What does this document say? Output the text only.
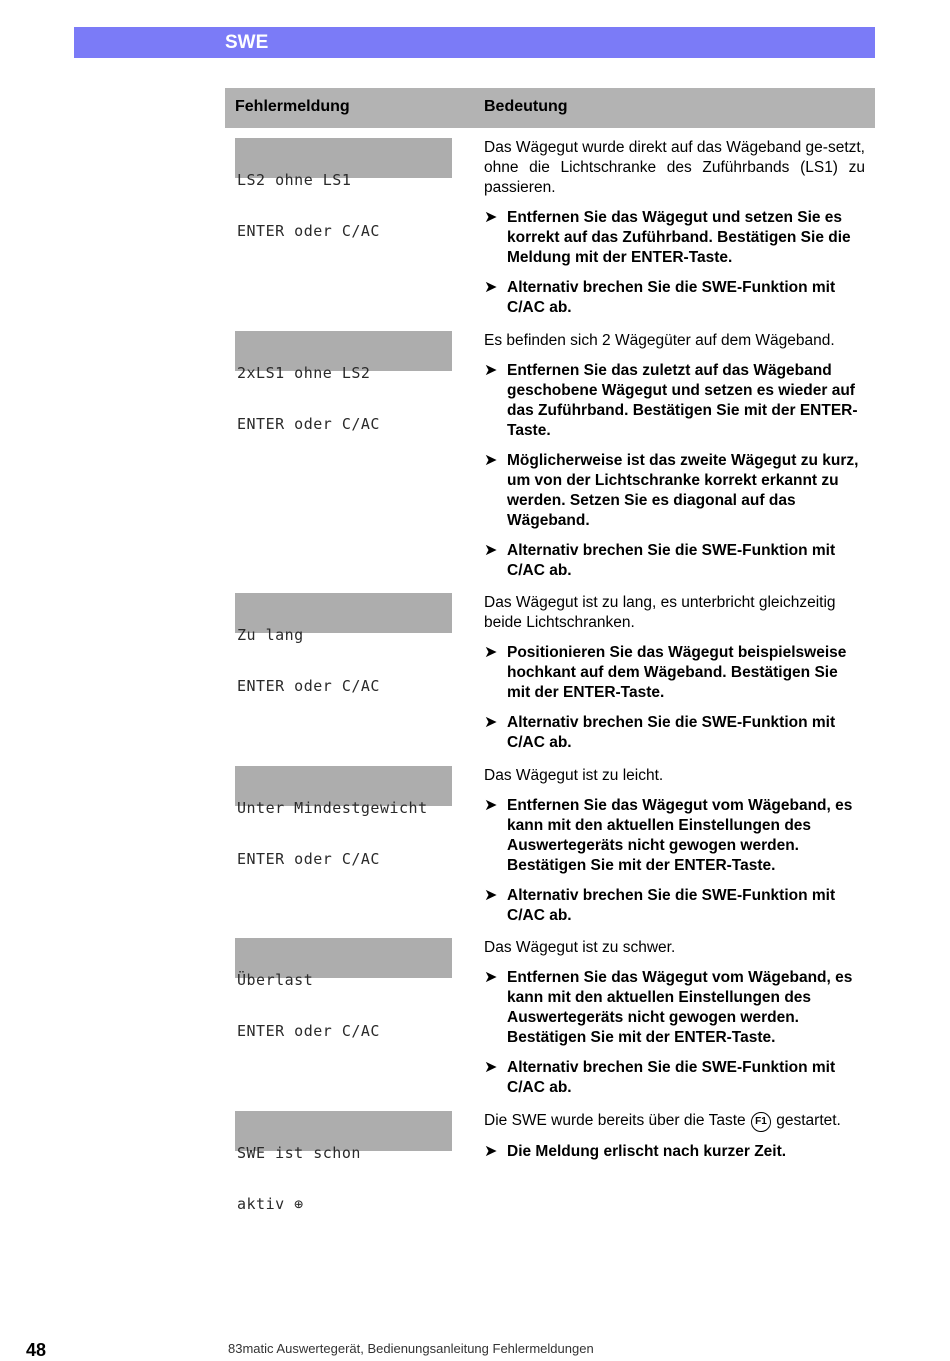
SWE
Fehlermeldung	Bedeutung

LS2 ohne LS1

ENTER oder C/AC

Das Wägegut wurde direkt auf das Wägeband ge-setzt, ohne die Lichtschranke des Zuführbands (LS1) zu passieren.

➤ Entfernen Sie das Wägegut und setzen Sie es korrekt auf das Zuführband. Bestätigen Sie die Meldung mit der ENTER-Taste.
➤ Alternativ brechen Sie die SWE-Funktion mit C/AC ab.

2xLS1 ohne LS2

ENTER oder C/AC

Es befinden sich 2 Wägegüter auf dem Wägeband.

➤ Entfernen Sie das zuletzt auf das Wägeband geschobene Wägegut und setzen es wieder auf das Zuführband. Bestätigen Sie mit der ENTER-Taste.
➤ Möglicherweise ist das zweite Wägegut zu kurz, um von der Lichtschranke korrekt erkannt zu werden. Setzen Sie es diagonal auf das Wägeband.
➤ Alternativ brechen Sie die SWE-Funktion mit C/AC ab.

Zu lang

ENTER oder C/AC

Das Wägegut ist zu lang, es unterbricht gleichzeitig beide Lichtschranken.

➤ Positionieren Sie das Wägegut beispielsweise hochkant auf dem Wägeband. Bestätigen Sie mit der ENTER-Taste.
➤ Alternativ brechen Sie die SWE-Funktion mit C/AC ab.

Unter Mindestgewicht

ENTER oder C/AC

Das Wägegut ist zu leicht.

➤ Entfernen Sie das Wägegut vom Wägeband, es kann mit den aktuellen Einstellungen des Auswertegeräts nicht gewogen werden. Bestätigen Sie mit der ENTER-Taste.
➤ Alternativ brechen Sie die SWE-Funktion mit C/AC ab.

Überlast

ENTER oder C/AC

Das Wägegut ist zu schwer.

➤ Entfernen Sie das Wägegut vom Wägeband, es kann mit den aktuellen Einstellungen des Auswertegeräts nicht gewogen werden. Bestätigen Sie mit der ENTER-Taste.
➤ Alternativ brechen Sie die SWE-Funktion mit C/AC ab.

SWE ist schon

aktiv ⊕

Die SWE wurde bereits über die Taste F1 gestartet.

➤ Die Meldung erlischt nach kurzer Zeit.
48	83matic Auswertegerät, Bedienungsanleitung Fehlermeldungen
